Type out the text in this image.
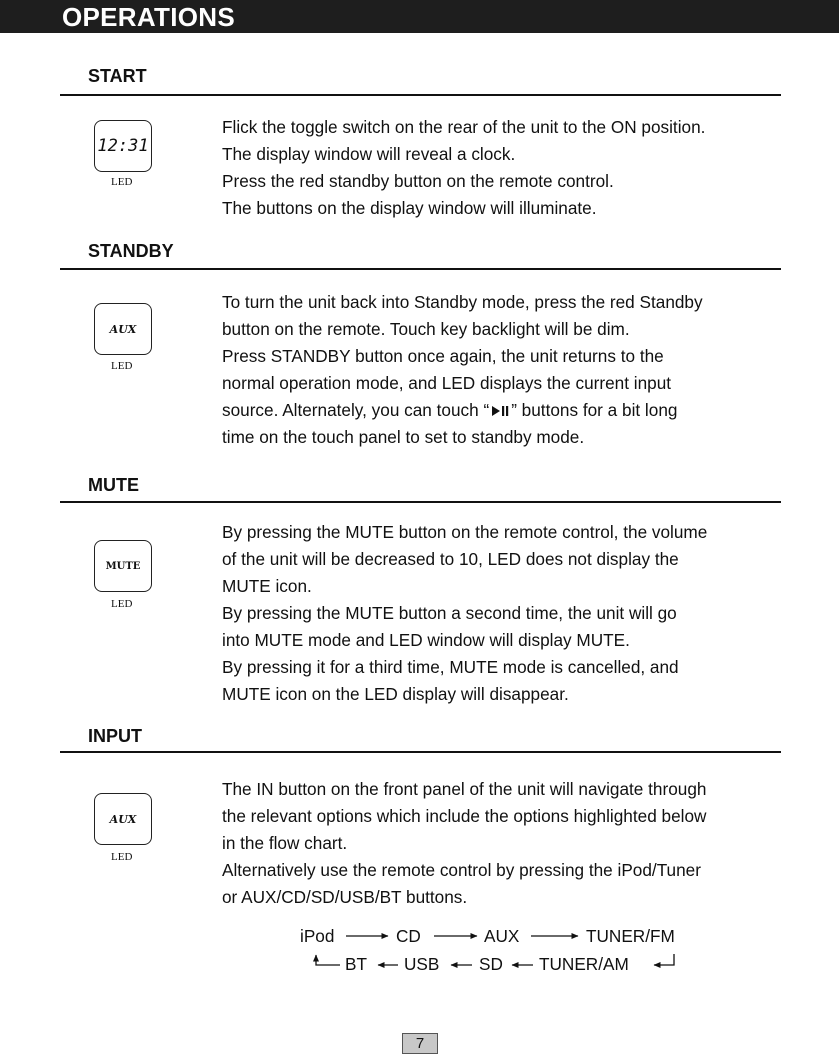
OPERATIONS
START
12:31
LED
Flick the toggle switch on the rear of the unit to the ON position.
The display window will reveal a clock.
Press the red standby button on the remote control.
The buttons on the display window will illuminate.
STANDBY
AUX
LED
To turn the unit back into Standby mode, press the red Standby
button on the remote. Touch key backlight will be dim.
Press STANDBY button once again, the unit returns to the
normal operation mode, and LED displays the current input
source. Alternately, you can touch “ ” buttons for a bit long
time on the touch panel to set to standby mode.
MUTE
MUTE
LED
By pressing the MUTE button on the remote control, the volume
of the unit will be decreased to 10, LED does not display the
MUTE icon.
By pressing the MUTE button a second time, the unit will go
into MUTE mode and LED window will display MUTE.
By pressing it for a third time, MUTE mode is cancelled, and
MUTE icon on the LED display will disappear.
INPUT
AUX
LED
The IN button on the front panel of the unit will navigate through
the relevant options which include the options highlighted below
in the flow chart.
Alternatively use the remote control by pressing the iPod/Tuner
or AUX/CD/SD/USB/BT buttons.
iPod	CD	AUX	TUNER/FM
BT USB SD TUNER/AM
7
